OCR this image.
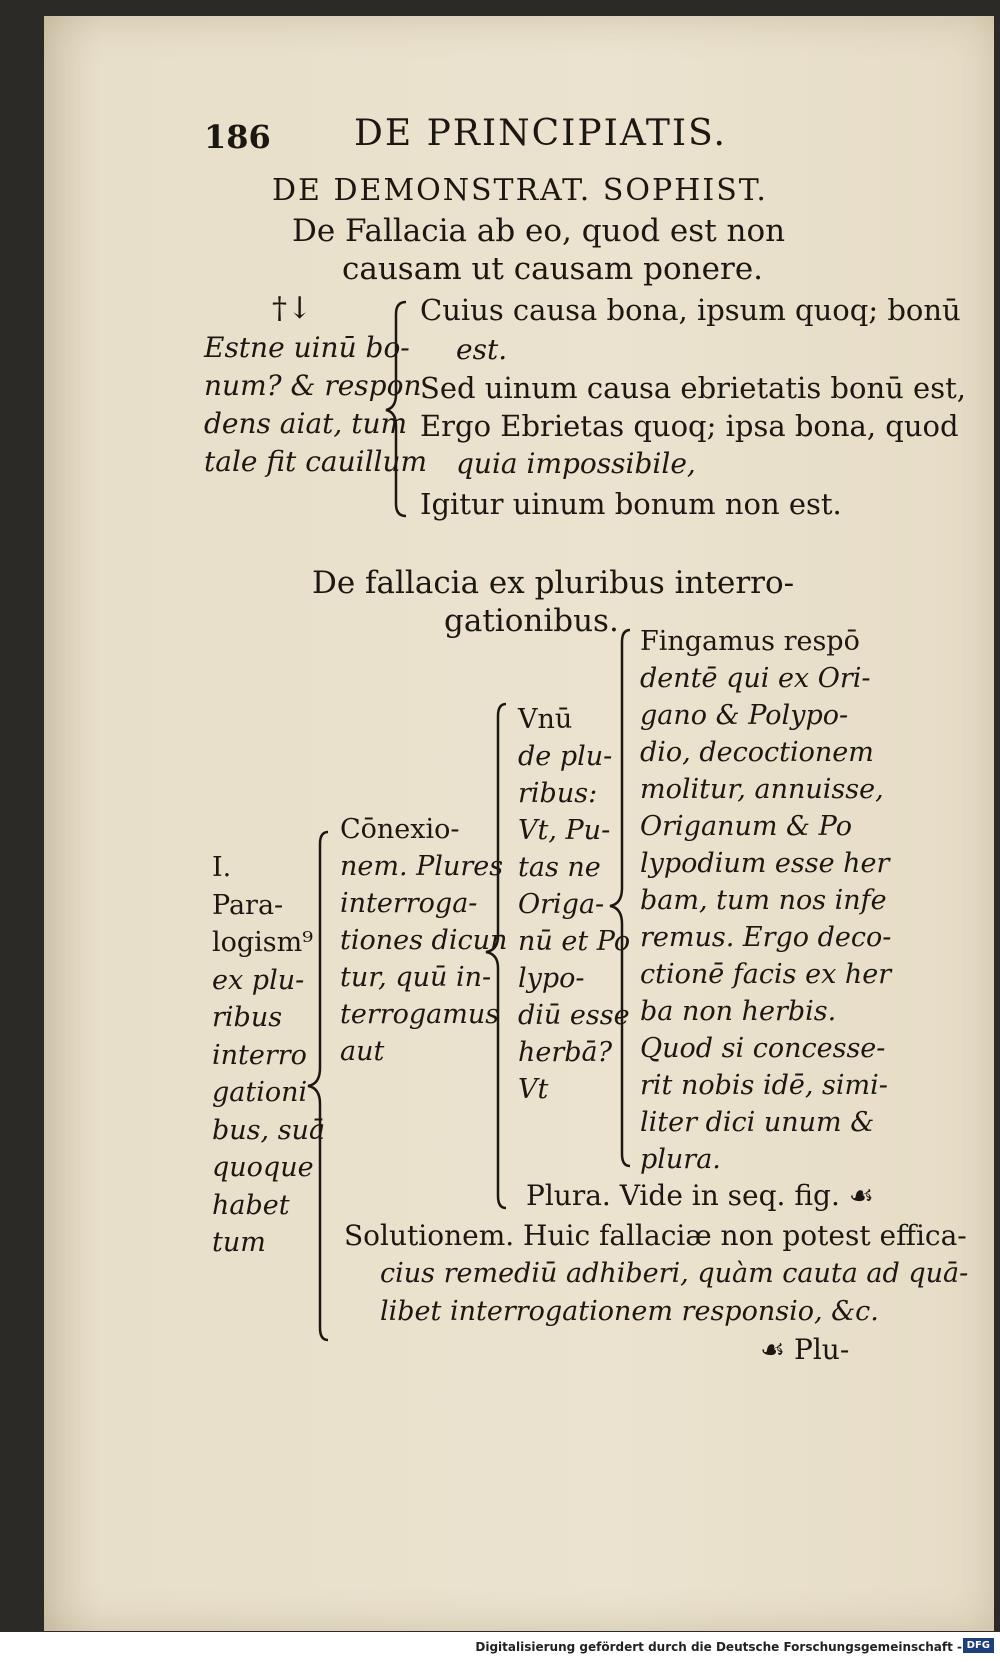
186 DE PRINCIPIATIS.
DE DEMONSTRAT. SOPHIST.
De Fallacia ab eo, quod est non
causam ut causam ponere.
†↓
Estne uinū bo-
num? & respon
dens aiat, tum
tale fit cauillum
Cuius causa bona, ipsum quoq; bonū
est.
Sed uinum causa ebrietatis bonū est,
Ergo Ebrietas quoq; ipsa bona, quod
quia impossibile,
Igitur uinum bonum non est.
De fallacia ex pluribus interro-
gationibus.
Plura. Vide in seq. fig. ☙
Solutionem. Huic fallaciæ non potest effica-
cius remediū adhiberi, quàm cauta ad quā-
libet interrogationem responsio, &c.
☙ Plu-
I.
Para-
logism⁹
ex plu-
ribus
interro
gationi
bus, suā
quoque
habet
tum
Cōnexio-
nem. Plures
interroga-
tiones dicun
tur, quū in-
terrogamus
aut
Vnū
de plu-
ribus:
Vt, Pu-
tas ne
Origa-
nū et Po
lypo-
diū esse
herbā?
Vt
Fingamus respō
dentē qui ex Ori-
gano & Polypo-
dio, decoctionem
molitur, annuisse,
Origanum & Po
lypodium esse her
bam, tum nos infe
remus. Ergo deco-
ctionē facis ex her
ba non herbis.
Quod si concesse-
rit nobis idē, simi-
liter dici unum &
plura.
Digitalisierung gefördert durch die Deutsche Forschungsgemeinschaft - DFG
